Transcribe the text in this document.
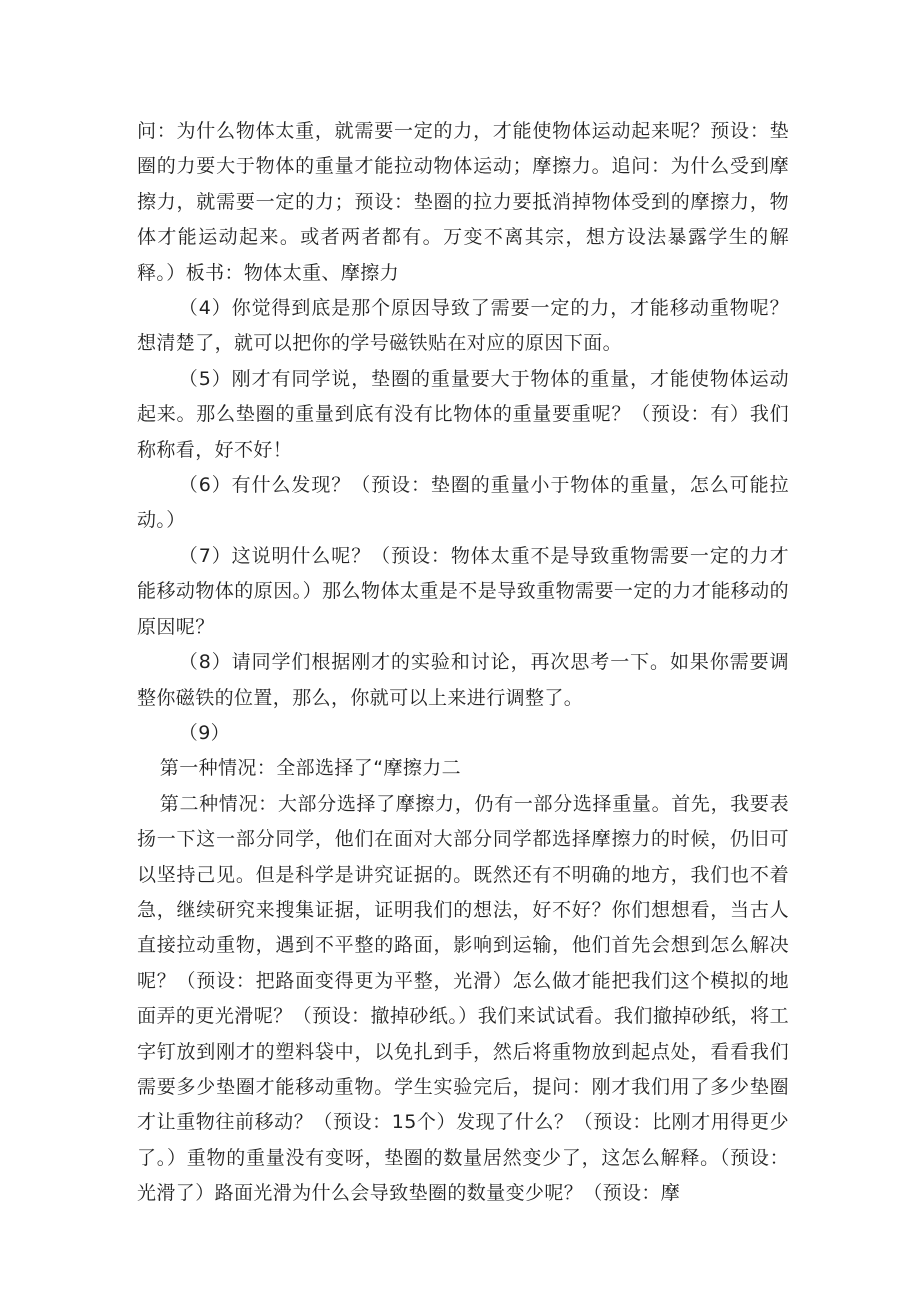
问：为什么物体太重，就需要一定的力，才能使物体运动起来呢？预设：垫圈的力要大于物体的重量才能拉动物体运动；摩擦力。追问：为什么受到摩擦力，就需要一定的力；预设：垫圈的拉力要抵消掉物体受到的摩擦力，物体才能运动起来。或者两者都有。万变不离其宗，想方设法暴露学生的解释。）板书：物体太重、摩擦力

（4）你觉得到底是那个原因导致了需要一定的力，才能移动重物呢？想清楚了，就可以把你的学号磁铁贴在对应的原因下面。

（5）刚才有同学说，垫圈的重量要大于物体的重量，才能使物体运动起来。那么垫圈的重量到底有没有比物体的重量要重呢？（预设：有）我们称称看，好不好！

（6）有什么发现？（预设：垫圈的重量小于物体的重量，怎么可能拉动。）

（7）这说明什么呢？（预设：物体太重不是导致重物需要一定的力才能移动物体的原因。）那么物体太重是不是导致重物需要一定的力才能移动的原因呢？

（8）请同学们根据刚才的实验和讨论，再次思考一下。如果你需要调整你磁铁的位置，那么，你就可以上来进行调整了。

（9）

第一种情况：全部选择了“摩擦力二

第二种情况：大部分选择了摩擦力，仍有一部分选择重量。首先，我要表扬一下这一部分同学，他们在面对大部分同学都选择摩擦力的时候，仍旧可以坚持己见。但是科学是讲究证据的。既然还有不明确的地方，我们也不着急，继续研究来搜集证据，证明我们的想法，好不好？你们想想看，当古人直接拉动重物，遇到不平整的路面，影响到运输，他们首先会想到怎么解决呢？（预设：把路面变得更为平整，光滑）怎么做才能把我们这个模拟的地面弄的更光滑呢？（预设：撤掉砂纸。）我们来试试看。我们撤掉砂纸，将工字钉放到刚才的塑料袋中，以免扎到手，然后将重物放到起点处，看看我们需要多少垫圈才能移动重物。学生实验完后，提问：刚才我们用了多少垫圈才让重物往前移动？（预设：15个）发现了什么？（预设：比刚才用得更少了。）重物的重量没有变呀，垫圈的数量居然变少了，这怎么解释。（预设：光滑了）路面光滑为什么会导致垫圈的数量变少呢？（预设：摩
